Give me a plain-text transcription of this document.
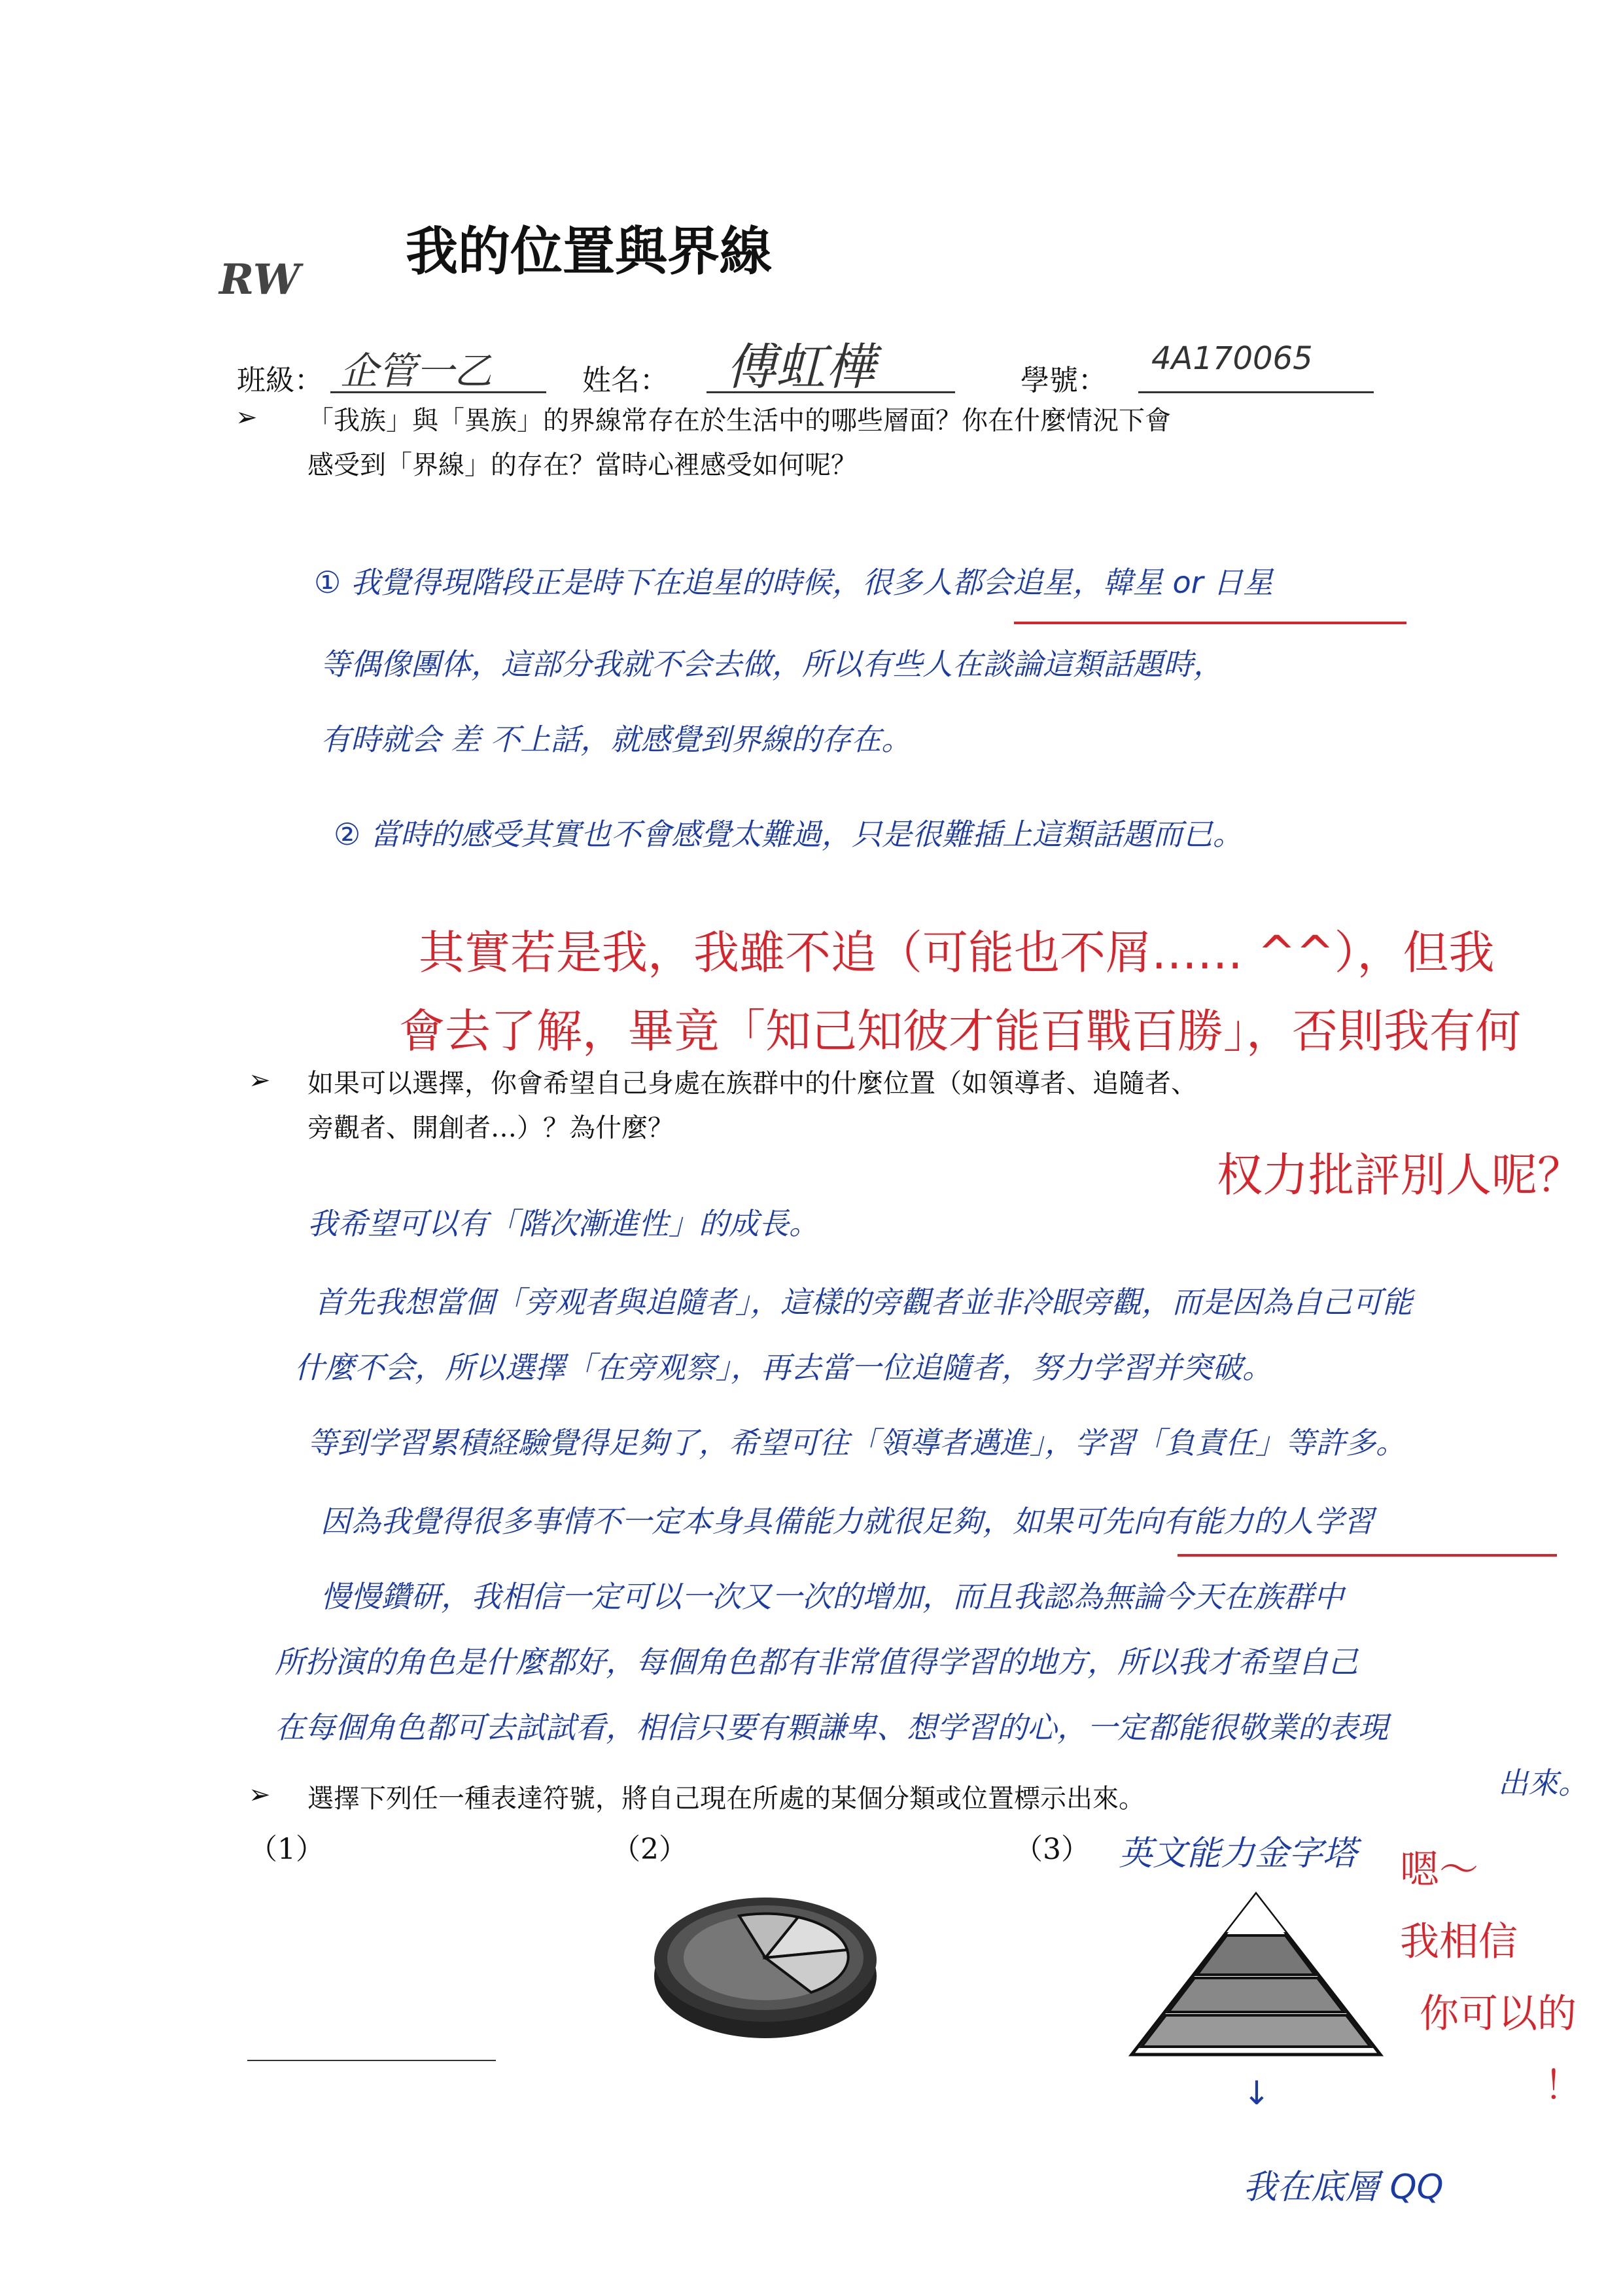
RW 我的位置與界線
班級： 企管一乙	姓名： 傅虹樺	學號：
4A170065
➢ 「我族」與「異族」的界線常存在於生活中的哪些層面？你在什麼情況下會
感受到「界線」的存在？當時心裡感受如何呢？
① 我覺得現階段正是時下在追星的時候，很多人都会追星，韓星 or 日星
等偶像團体，這部分我就不会去做，所以有些人在談論這類話題時，
有時就会 差 不上話，就感覺到界線的存在。
② 當時的感受其實也不會感覺太難過，只是很難插上這類話題而已。
其實若是我，我雖不追（可能也不屑…… ^^），但我
會去了解，畢竟「知己知彼才能百戰百勝」，否則我有何
权力批評別人呢？
➢ 如果可以選擇，你會希望自己身處在族群中的什麼位置（如領導者、追隨者、
旁觀者、開創者…）？為什麼？
我希望可以有「階次漸進性」的成長。
首先我想當個「旁观者與追隨者」，這樣的旁觀者並非冷眼旁觀，而是因為自己可能
什麼不会，所以選擇「在旁观察」，再去當一位追隨者，努力学習并突破。
等到学習累積経驗覺得足夠了，希望可往「領導者邁進」，学習「負責任」等許多。
因為我覺得很多事情不一定本身具備能力就很足夠，如果可先向有能力的人学習
慢慢鑽研，我相信一定可以一次又一次的增加，而且我認為無論今天在族群中
所扮演的角色是什麼都好，每個角色都有非常值得学習的地方，所以我才希望自己
在每個角色都可去試試看，相信只要有顆謙卑、想学習的心，一定都能很敬業的表現
出來。
➢ 選擇下列任一種表達符號，將自己現在所處的某個分類或位置標示出來。
（1）	（2）	（3） 英文能力金字塔
↓
我在底層 QQ
嗯～
我相信
你可以的
！
